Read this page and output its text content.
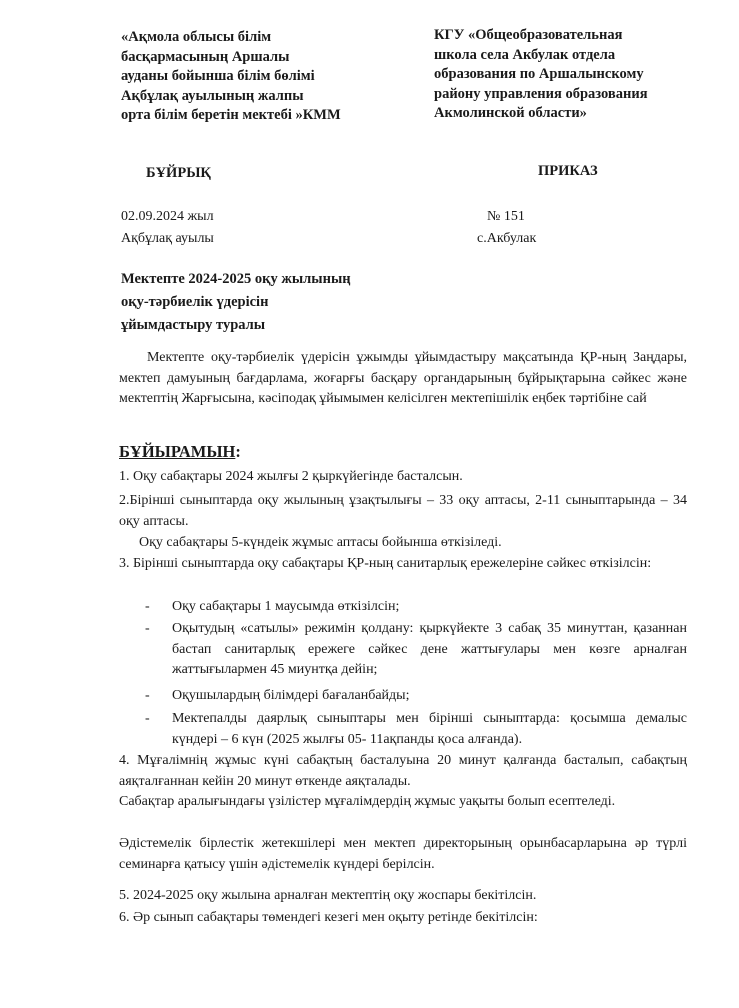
«Ақмола облысы білім
басқармасының Аршалы
ауданы бойынша білім бөлімі
Ақбұлақ ауылының жалпы
орта білім беретін мектебі »КММ
КГУ «Общеобразовательная
школа села Акбулак отдела
образования по Аршалынскому
району управления образования
Акмолинской области»
БҰЙРЫҚ	ПРИКАЗ
02.09.2024 жыл
Ақбұлақ ауылы
№ 151
с.Акбулак
Мектепте 2024-2025 оқу жылының
оқу-тәрбиелік үдерісін
ұйымдастыру туралы
Мектепте оқу-тәрбиелік үдерісін ұжымды ұйымдастыру мақсатында ҚР-ның Заңдары, мектеп дамуының бағдарлама, жоғарғы басқару органдарының бұйрықтарына сәйкес және мектептің Жарғысына, кәсіподақ ұйымымен келісілген мектепішілік еңбек тәртібіне сай
БҰЙЫРАМЫН:
1. Оқу сабақтары 2024 жылғы 2 қыркүйегінде басталсын.
2.Бірінші сыныптарда оқу жылының ұзақтылығы – 33 оқу аптасы, 2-11 сыныптарында – 34 оқу аптасы.
Оқу сабақтары 5-күндеік жұмыс аптасы бойынша өткізіледі.
3. Бірінші сыныптарда оқу сабақтары ҚР-ның санитарлық ережелеріне сәйкес өткізілсін:
- Оқу сабақтары 1 маусымда өткізілсін;
- Оқытудың «сатылы» режимін қолдану: қыркүйекте 3 сабақ 35 минуттан, қазаннан бастап санитарлық ережеге сәйкес дене жаттығулары мен көзге арналған жаттығылармен 45 миунтқа дейін;
- Оқушылардың білімдері бағаланбайды;
- Мектепалды даярлық сыныптары мен бірінші сыныптарда: қосымша демалыс күндері – 6 күн (2025 жылғы 05- 11ақпанды қоса алғанда).
4. Мұғалімнің жұмыс күні сабақтың басталуына 20 минут қалғанда басталып, сабақтың аяқталғаннан кейін 20 минут өткенде аяқталады.
Сабақтар аралығындағы үзілістер мұғалімдердің жұмыс уақыты болып есептеледі.
Әдістемелік бірлестік жетекшілері мен мектеп директорының орынбасарларына әр түрлі семинарға қатысу үшін әдістемелік күндері берілсін.
5. 2024-2025 оқу жылына арналған мектептің оқу жоспары бекітілсін.
6. Әр сынып сабақтары төмендегі кезегі мен оқыту ретінде бекітілсін:
